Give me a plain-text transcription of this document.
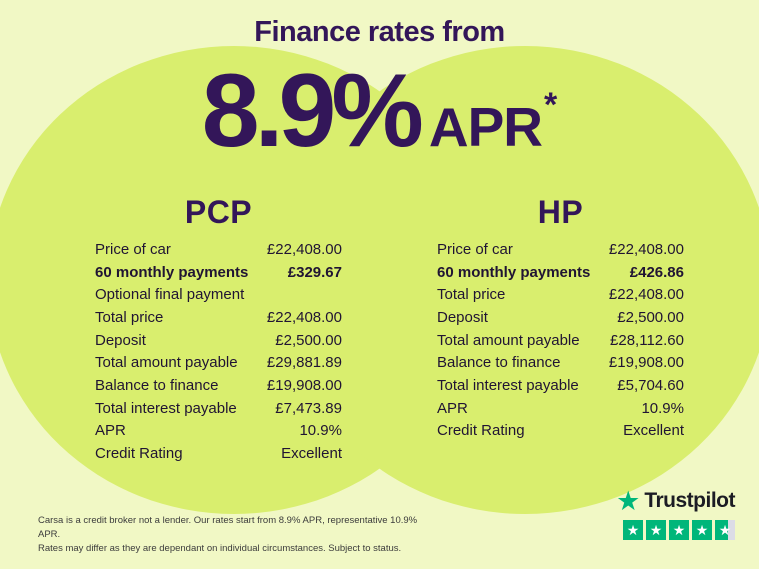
Finance rates from
8.9% APR *
PCP
Price of car	£22,408.00
60 monthly payments	£329.67
Optional final payment
Total price	£22,408.00
Deposit	£2,500.00
Total amount payable £29,881.89
Balance to finance	£19,908.00
Total interest payable	£7,473.89
APR	10.9%
Credit Rating	Excellent
HP
Price of car	£22,408.00
60 monthly payments	£426.86
Total price	£22,408.00
Deposit	£2,500.00
Total amount payable £28,112.60
Balance to finance	£19,908.00
Total interest payable	£5,704.60
APR	10.9%
Credit Rating	Excellent
Carsa is a credit broker not a lender. Our rates start from 8.9% APR, representative 10.9% APR.
Rates may differ as they are dependant on individual circumstances. Subject to status.
★ Trustpilot
★ ★ ★ ★ ★
